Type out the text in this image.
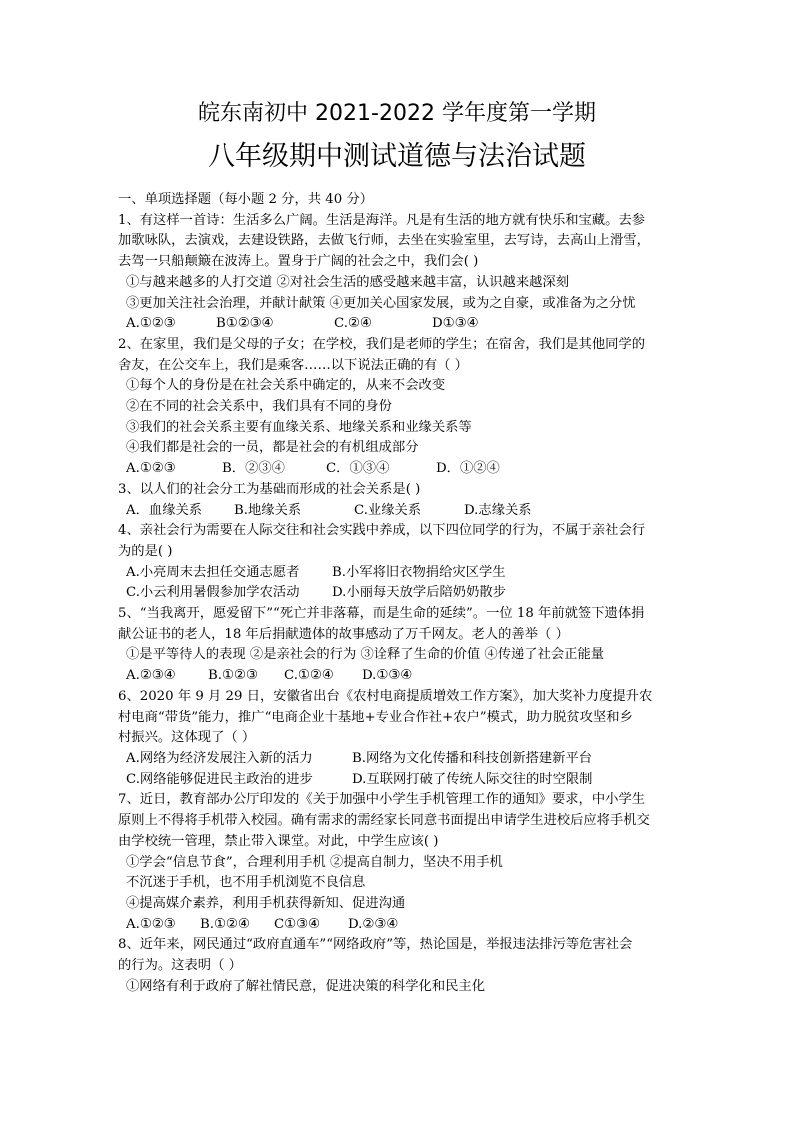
皖东南初中 2021-2022 学年度第一学期
八年级期中测试道德与法治试题
一、单项选择题（每小题 2 分，共 40 分）
1、有这样一首诗：生活多么广阔。生活是海洋。凡是有生活的地方就有快乐和宝藏。去参
加歌咏队，去演戏，去建设铁路，去做飞行师，去坐在实验室里，去写诗，去高山上滑雪，
去驾一只船颠簸在波涛上。置身于广阔的社会之中，我们会( )
①与越来越多的人打交道 ②对社会生活的感受越来越丰富，认识越来越深刻
③更加关注社会治理，并献计献策 ④更加关心国家发展，或为之自豪，或准备为之分忧
A.①②③	B①②③④	C.②④	D①③④
2、在家里，我们是父母的子女；在学校，我们是老师的学生；在宿舍，我们是其他同学的
舍友，在公交车上，我们是乘客……以下说法正确的有（ ）
①每个人的身份是在社会关系中确定的，从来不会改变
②在不同的社会关系中，我们具有不同的身份
③我们的社会关系主要有血缘关系、地缘关系和业缘关系等
④我们都是社会的一员，都是社会的有机组成部分
A.①②③	B．②③④	C．①③④	D．①②④
3、以人们的社会分工为基础而形成的社会关系是( )
A．血缘关系	B.地缘关系	C.业缘关系	D.志缘关系
4、亲社会行为需要在人际交往和社会实践中养成，以下四位同学的行为，不属于亲社会行
为的是( )
A.小亮周末去担任交通志愿者	B.小军将旧衣物捐给灾区学生
C.小云利用暑假参加学农活动	D.小丽每天放学后陪奶奶散步
5、“当我离开，愿爱留下”“死亡并非落幕，而是生命的延续”。一位 18 年前就签下遗体捐
献公证书的老人，18 年后捐献遗体的故事感动了万千网友。老人的善举（ ）
①是平等待人的表现 ②是亲社会的行为 ③诠释了生命的价值 ④传递了社会正能量
A.②③④	B.①②③	C.①②④	D.①③④
6、2020 年 9 月 29 日，安徽省出台《农村电商提质增效工作方案》，加大奖补力度提升农
村电商“带货”能力，推广“电商企业十基地+专业合作社+农户”模式，助力脱贫攻坚和乡
村振兴。这体现了（ ）
A.网络为经济发展注入新的活力	B.网络为文化传播和科技创新搭建新平台
C.网络能够促进民主政治的进步	D.互联网打破了传统人际交往的时空限制
7、近日，教育部办公厅印发的《关于加强中小学生手机管理工作的通知》要求，中小学生
原则上不得将手机带入校园。确有需求的需经家长同意书面提出申请学生进校后应将手机交
由学校统一管理，禁止带入课堂。对此，中学生应该( )
①学会“信息节食”，合理利用手机 ②提高自制力，坚决不用手机
不沉迷于手机，也不用手机浏览不良信息
④提高媒介素养，利用手机获得新知、促进沟通
A.①②③	B.①②④	C①③④	D.②③④
8、近年来，网民通过“政府直通车”“网络政府”等，热论国是，举报违法排污等危害社会
的行为。这表明（ ）
①网络有利于政府了解社情民意，促进决策的科学化和民主化
